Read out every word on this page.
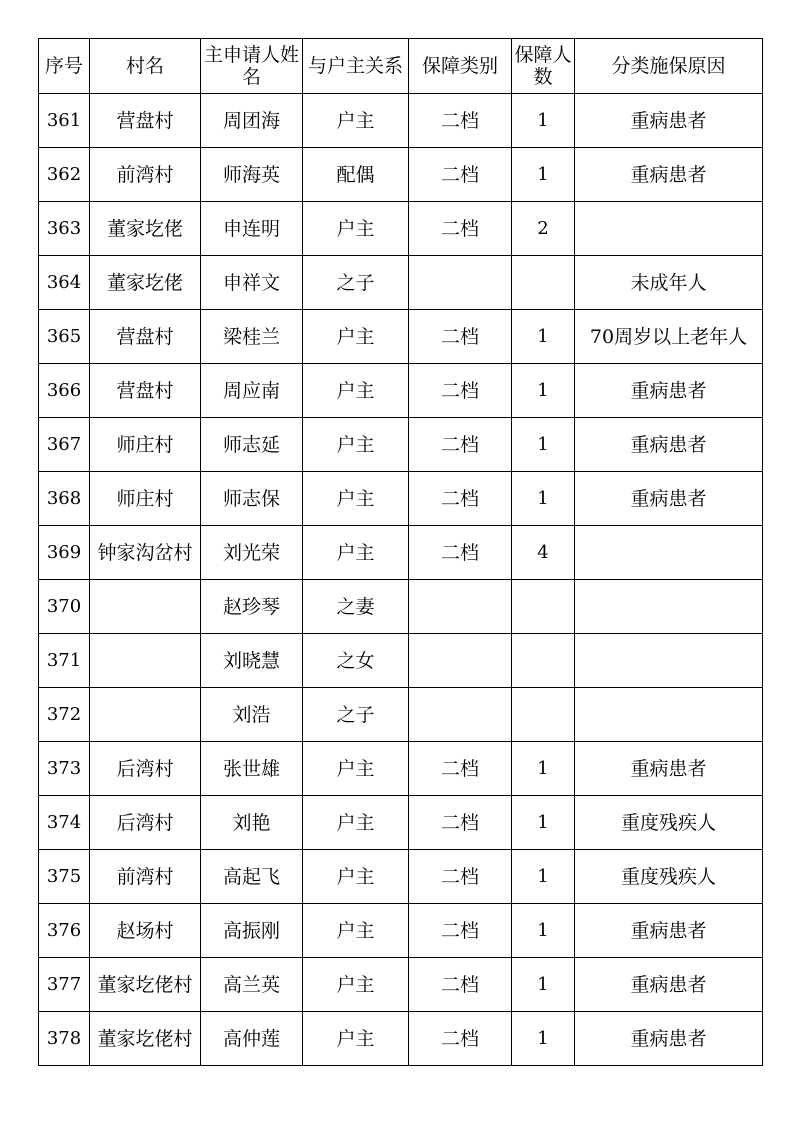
序号	村名	主申请人姓名	与户主关系	保障类别	保障人数	分类施保原因
361	营盘村	周团海	户主	二档	1	重病患者
362	前湾村	师海英	配偶	二档	1	重病患者
363	董家圪佬	申连明	户主	二档	2	
364	董家圪佬	申祥文	之子			未成年人
365	营盘村	梁桂兰	户主	二档	1	70周岁以上老年人
366	营盘村	周应南	户主	二档	1	重病患者
367	师庄村	师志延	户主	二档	1	重病患者
368	师庄村	师志保	户主	二档	1	重病患者
369	钟家沟岔村	刘光荣	户主	二档	4	
370		赵珍琴	之妻			
371		刘晓慧	之女			
372		刘浩	之子			
373	后湾村	张世雄	户主	二档	1	重病患者
374	后湾村	刘艳	户主	二档	1	重度残疾人
375	前湾村	高起飞	户主	二档	1	重度残疾人
376	赵场村	高振刚	户主	二档	1	重病患者
377	董家圪佬村	高兰英	户主	二档	1	重病患者
378	董家圪佬村	高仲莲	户主	二档	1	重病患者
